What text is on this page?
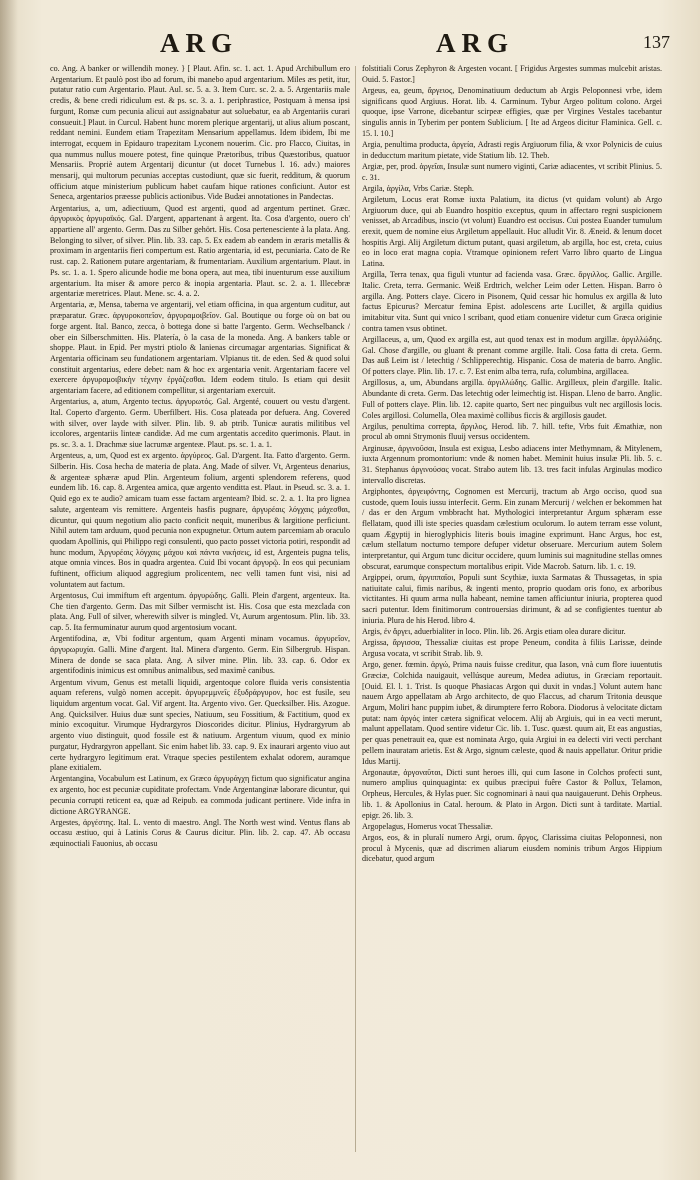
ARG	ARG	137

co. Ang. A banker or willendih money. } [ Plaut. Afin. sc. 1. act. 1. Apud Archibullum ero Argentarium. Et paulò post ibo ad forum, ibi manebo apud argentarium. Miles æs petit, itur, putatur ratio cum Argentario. Plaut. Aul. sc. 5. a. 3. Item Curc. sc. 2. a. 5. Argentariis male credis, & bene credi ridiculum est. & ps. sc. 3. a. 1. periphrastice, Postquam à mensa ipsi furgunt, Romæ cum pecunia alicui aut assignabatur aut soluebatur, ea ab Argentariis curari consueuit.] Plaut. in Curcul. Habent hunc morem plerique argentarij, ut alius alium poscant, reddant nemini. Eundem etiam Trapezitam Mensarium appellamus. Idem ibidem, Ibi me interrogat, ecquem in Epidauro trapezitam Lyconem nouerim. Cic. pro Flacco, Ciuitas, in qua nummus nullus mouere potest, fine quinque Prætoribus, tribus Quæstoribus, quatuor Mensariis. Propriè autem Argentarij dicuntur (ut docet Turnebus l. 16. adv.) maiores mensarij, qui multorum pecunias acceptas custodiunt, quæ sic fuerit, redditum, & quorum officium atque ministerium publicum habet caufam hique rationes conficiunt. Autor est Seneca, argentarios præesse publicis actionibus. Vide Budæi annotationes in Pandectas.

Argentarius, a, um, adiectiuum, Quod est argenti, quod ad argentum pertinet. Græc. ἀργυρικὸς ἀργυραϊκός. Gal. D'argent, appartenant à argent. Ita. Cosa d'argento, ouero ch' appartiene all' argento. Germ. Das zu Silber gehört. His. Cosa pertenesciente à la plata. Ang. Belonging to silver, of silver. Plin. lib. 33. cap. 5. Ex eadem ab eandem in æraris metallis & proximam in argentariis fieri compertum est. Ratio argentaria, id est, pecuniaria. Cato de Re rust. cap. 2. Rationem putare argentariam, & frumentariam. Auxilium argentarium. Plaut. in Ps. sc. 1. a. 1. Spero alicunde hodie me bona opera, aut mea, tibi inuenturum esse auxilium argentarium. Ita miser & amore perco & inopia argentaria. Plaut. sc. 2. a. 1. Illecebræ argentariæ meretrices. Plaut. Mene. sc. 4. a. 2.

Argentaria, æ, Mensa, taberna ve argentarij, vel etiam officina, in qua argentum cuditur, aut præparatur. Græc. ἀργυροκοπεῖον, ἀργυραμοιβεῖον. Gal. Boutique ou forge où on bat ou forge argent. Ital. Banco, zecca, ò bottega done si batte l'argento. Germ. Wechselbanck / ober ein Silberschmitten. His. Platería, ò la casa de la moneda. Ang. A bankers table or shoppe. Plaut. in Epid. Per mystri ptiolo & lanienas circumagar argentarias. Significat & Argentaria officinam seu fundationem argentariam. Vlpianus tit. de eden. Sed & quod solui constituit argentarius, edere debet: nam & hoc ex argentaria venit. Argentariam facere vel exercere ἀργυραμοιβικὴν τέχνην ἐργάζεσθαι. Idem eodem titulo. Is etiam qui desiit argentariam facere, ad editionem compellitur, si argentariam exercuit.

Argentarius, a, atum, Argento tectus. ἀργυρωτός. Gal. Argenté, couuert ou vestu d'argent. Ital. Coperto d'argento. Germ. Uberfilbert. His. Cosa plateada por defuera. Ang. Covered with silver, over layde with silver. Plin. lib. 9. ab ptrib. Tunicæ auratis militibus vel iccolores, argentariis linteæ candidæ. Ad me cum argentatis accedito querimonis. Plaut. in ps. sc. 3. a. 1. Drachmæ siue lacrumæ argenteæ. Plaut. ps. sc. 1. a. 1.

Argenteus, a, um, Quod est ex argento. ἀργύρεος. Gal. D'argent. Ita. Fatto d'argento. Germ. Silberin. His. Cosa hecha de materia de plata. Ang. Made of silver. Vt, Argenteus denarius, & argenteæ sphæræ apud Plin. Argenteum folium, argenti splendorem referens, quod eundem lib. 16. cap. 8. Argentea amica, quæ argento venditta est. Plaut. in Pseud. sc. 3. a. 1. Quid ego ex te audio? amicam tuam esse factam argenteam? Ibid. sc. 2. a. 1. Ita pro lignea salute, argenteam vis remittere. Argenteis hasfis pugnare, ἀργυρέαις λόγχαις μάχεσθαι, dicuntur, qui quum negotium alio pacto conficit nequit, muneribus & largitione perficiunt. Nihil autem tam arduum, quod pecunia non expugnetur. Ortum autem parcemiam ab oraculo quodam Apollinis, qui Philippo regi consulenti, quo pacto posset victoria potiri, respondit ad hunc modum, Ἀργυρέαις λόγχαις μάχου καὶ πάντα νικήσεις, id est, Argenteis pugna telis, atque omnia vinces. Bos in quadra argentea. Cuid Ibi vocant ἀργυρῷ. In eos qui pecuniam fuftinent, officium aliquod aggregium prolicentem, nec velli tamen funt visi, nisi ad voluntatem aut factum.

Argentosus, Cui immiftum eft argentum. ἀργυρώδης. Galli. Plein d'argent, argenteux. Ita. Che tien d'argento. Germ. Das mit Silber vermischt ist. His. Cosa que esta mezclada con plata. Ang. Full of silver, wherewith silver is mingled. Vt, Aurum argentosum. Plin. lib. 33. cap. 5. Ita fermuminatur aurum quod argentosium vocant.

Argentifodina, æ, Vbi foditur argentum, quam Argenti minam vocamus. ἀργυρεῖον, ἀργυρωρυχία. Galli. Mine d'argent. Ital. Minera d'argento. Germ. Ein Silbergrub. Hispan. Minera de donde se saca plata. Ang. A silver mine. Plin. lib. 33. cap. 6. Odor ex argentifodinis inimicus est omnibus animalibus, sed maximè canibus.

Argentum vivum, Genus est metalli liquidi, argentoque colore fluida veris consistentia aquam referens, vulgò nomen accepit. ἀργυρεμμνεῖς ἐξυδράργυρον, hoc est fusile, seu liquidum argentum vocat. Gal. Vif argent. Ita. Argento vivo. Ger. Quecksilber. His. Azogue. Ang. Quicksilver. Huius duæ sunt species, Natiuum, seu Fossitium, & Factitium, quod ex minio excoquitur. Virumque Hydrargyros Dioscorides dicitur. Plinius, Hydrargyrum ab argento viuo distinguit, quod fossile est & natiuum. Argentum viuum, quod ex minio purgatur, Hydrargyron appellant. Sic enim habet lib. 33. cap. 9. Ex inaurari argento viuo aut certe hydrargyro legitimum erat. Vtraque species pestilentem exhalat odorem, auramque plane exitialem.

Argentangina, Vocabulum est Latinum, ex Græco ἀργυράγχη fictum quo significatur angina ex argento, hoc est pecuniæ cupiditate profectam. Vnde Argentanginæ laborare dicuntur, qui pecunia corrupti reticent ea, quæ ad Reipub. ea commoda judicant pertinere. Vide infra in dictione ARGYRANGE.

Argestes, ἀργέστης. Ital. L. vento di maestro. Angl. The North west wind. Ventus flans ab occasu æstiuo, qui à Latinis Corus & Caurus dicitur. Plin. lib. 2. cap. 47. Ab occasu æquinoctiali Fauonius, ab occasu

folstitiali Corus Zephyron & Argesten vocant. [ Frigidus Argestes summas mulcebit aristas. Ouid. 5. Fastor.]

Argeus, ea, geum, ἄργειος, Denominatiuum deductum ab Argis Peloponnesi vrbe, idem significans quod Argiuus. Horat. lib. 4. Carminum. Tybur Argeo politum colono. Argei quoque, ipse Varrone, dicebantur scirpeæ effigies, quæ per Virgines Vestales tacebantur singulis annis in Tyberim per pontem Sublicium. [ Ite ad Argeos dicitur Flaminica. Gell. c. 15. l. 10.]

Argia, penultima producta, ἀργεία, Adrasti regis Argiuorum filia, & vxor Polynicis de cuius in deducctum maritum pietate, vide Statium lib. 12. Theb.

Argiæ, per, prod. ἀργεῖαι, Insulæ sunt numero viginti, Cariæ adiacentes, vt scribit Plinius. 5. c. 31.

Argila, ἀργίλα, Vrbs Cariæ. Steph.

Argiletum, Locus erat Romæ iuxta Palatium, ita dictus (vt quidam volunt) ab Argo Argiuorum duce, qui ab Euandro hospitio exceptus, quum in affectaro regni suspicionem venisset, ab Arcadibus, inscio (vt volunt) Euandro est occisus. Cui postea Euander tumulum erexit, quem de nomine eius Argiletum appellauit. Huc alludit Vir. 8. Æneid. & lenum docet hospitis Argi. Alij Argiletum dictum putant, quasi argiletum, ab argilla, hoc est, creta, cuius eo in loco erat magna copia. Vtramque opinionem refert Varro libro quarto de Lingua Latina.

Argilla, Terra tenax, qua figuli vtuntur ad facienda vasa. Græc. ἄργιλλος. Gallic. Argille. Italic. Creta, terra. Germanic. Weiß Erdtrich, welcher Leim oder Letten. Hispan. Barro ò argilla. Ang. Potters claye. Cicero in Pisonem, Quid cessar hic homulus ex argilla & luto factus Epicurus? Mercatur femina Epist. adolescens arte Lucillet, & argilla quidius imitabitur vita. Sunt qui vnico l scribant, quod etiam conuenire videtur cum Græca originie contra tamen vsus obtinet.

Argillaceus, a, um, Quod ex argilla est, aut quod tenax est in modum argillæ. ἀργιλλώδης. Gal. Chose d'argille, ou gluant & prenant comme argille. Itali. Cosa fatta di creta. Germ. Das auß Leim ist / letechtig / Schlipperechtig. Hispanic. Cosa de materia de barro. Anglic. Of potters claye. Plin. lib. 17. c. 7. Est enim alba terra, rufa, columbina, argillacea.

Argillosus, a, um, Abundans argilla. ἀργιλλώδης. Gallic. Argilleux, plein d'argille. Italic. Abundante di creta. Germ. Das letechtig oder leimechtig ist. Hispan. Lleno de barro. Anglic. Full of potters claye. Plin. lib. 12. capite quarto, Sert nec pinguibus vult nec argillosis locis. Coles argillosi. Columella, Olea maximè collibus ficcis & argillosis gaudet.

Argilus, penultima correpta, ἄργιλος, Herod. lib. 7. hill. tefte, Vrbs fuit Æmathiæ, non procul ab omni Strymonis fluuij versus occidentem.

Arginusæ, ἀργινοῦσαι, Insula est exigua, Lesbo adiacens inter Methymnam, & Mitylenem, iuxta Argennum promontorium: vnde & nomen habet. Meminit huius insulæ Pli. lib. 5. c. 31. Stephanus ἀργινούσας vocat. Strabo autem lib. 13. tres facit infulas Arginulas modico intervallo discretas.

Argiphontes, ἀργειφόντης, Cognomen est Mercurij, tractum ab Argo occiso, quod sua custode, quem Iouis iussu interfecit. Germ. Ein zunam Mercurij / welchen er bekommen hat / das er den Argum vmbbracht hat. Mythologici interpretantur Argum sphæram esse flellatam, quod illi iste species quasdam cælestium oculorum. Io autem terram esse volunt, quam Ægyptij in hieroglyphicis literis bouis imagine exprimunt. Hanc Argus, hoc est, cælum stellatum nocturno tempore defuper videtur obseruare. Mercurium autem Solem interpretantur, qui Argum tunc dicitur occidere, quum luminis sui magnitudine stellas omnes obscurat, earumque conspectum mortalibus eripit. Vide Macrob. Saturn. lib. 1. c. 19.

Argippei, orum, ἀργιππαῖοι, Populi sunt Scythiæ, iuxta Sarmatas & Thussagetas, in spia natiuitate calui, fimis naribus, & ingenti mento, proprio quodam oris fono, ex arboribus victitantes. Hi quum arma nulla habeant, nemine tamen afficiuntur iniuria, propterea quod sacri putentur. Idem finitimorum controuersias dirimunt, & ad se configientes tuentur ab iniuria. Plura de his Herod. libro 4.

Argis, ἐν ἄργει, aduerbialiter in loco. Plin. lib. 26. Argis etiam olea durare dicitur.

Argissa, ἄργισσα, Thessaliæ ciuitas est prope Peneum, condita à filiis Larissæ, deinde Argusa vocata, vt scribit Strab. lib. 9.

Argo, gener. fœmin. ἀργώ, Prima nauis fuisse creditur, qua Iason, vnà cum flore iuuentutis Græciæ, Colchida nauigauit, vellúsque aureum, Medea adiutus, in Græciam reportauit. [Ouid. El. l. 1. Trist. Is quoque Phasiacas Argon qui duxit in vndas.] Volunt autem hanc nauem Argo appellatam ab Argo architecto, de quo Flaccus, ad charum Tritonia deusque Argum, Moliri hanc puppim iubet, & dirumptere ferro Robora. Diodorus à velocitate dictam putat: nam ἀργός inter cætera significat velocem. Alij ab Argiuis, qui in ea vecti merunt, malunt appellatam. Quod sentire videtur Cic. lib. 1. Tusc. quæst. quum ait, Et eas angustias, per quas penetrauit ea, quæ est nominata Argo, quia Argiui in ea delecti viri vecti perchant pellem inauratam arietis. Est & Argo, signum cæleste, quod & nauis appellatur. Oritur pridie Idus Martij.

Argonautæ, ἀργοναῦται, Dicti sunt heroes illi, qui cum Iasone in Colchos profecti sunt, numero amplius quinquaginta: ex quibus præcipui fuêre Castor & Pollux, Telamon, Orpheus, Hercules, & Hylas puer. Sic cognominari à naui qua nauigauerunt. Dehis Orpheus. lib. 1. & Apollonius in Catal. heroum. & Plato in Argon. Dicti sunt à tarditate. Martial. epigr. 26. lib. 3.

Argopelagus, Homerus vocat Thessaliæ.

Argos, eos, & in pluralí numero Argi, orum. ἄργος, Clarissima ciuitas Peloponnesi, non procul à Mycenis, quæ ad discrimen aliarum eiusdem nominis tribum Argos Hippium dicebatur, quod argum
